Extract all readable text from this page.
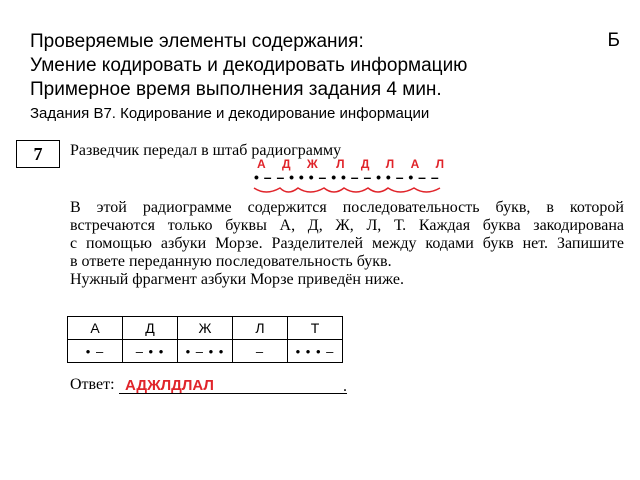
Проверяемые элементы содержания:	Б
Умение кодировать и декодировать информацию
Примерное время выполнения задания 4 мин.
Задания В7. Кодирование и декодирование информации
7	Разведчик передал в штаб радиограмму
А Д Ж Л Д Л А Л
• – – • • • – • • – – • • – • – –
В этой радиограмме содержится последовательность букв, в которой
встречаются только буквы А, Д, Ж, Л, Т. Каждая буква закодирована
с помощью азбуки Морзе. Разделителей между кодами букв нет. Запишите
в ответе переданную последовательность букв.
Нужный фрагмент азбуки Морзе приведён ниже.
А	Д	Ж	Л	Т
• –	– • •	• – • •	–	• • • –
Ответ:	.
АДЖЛДЛАЛ
